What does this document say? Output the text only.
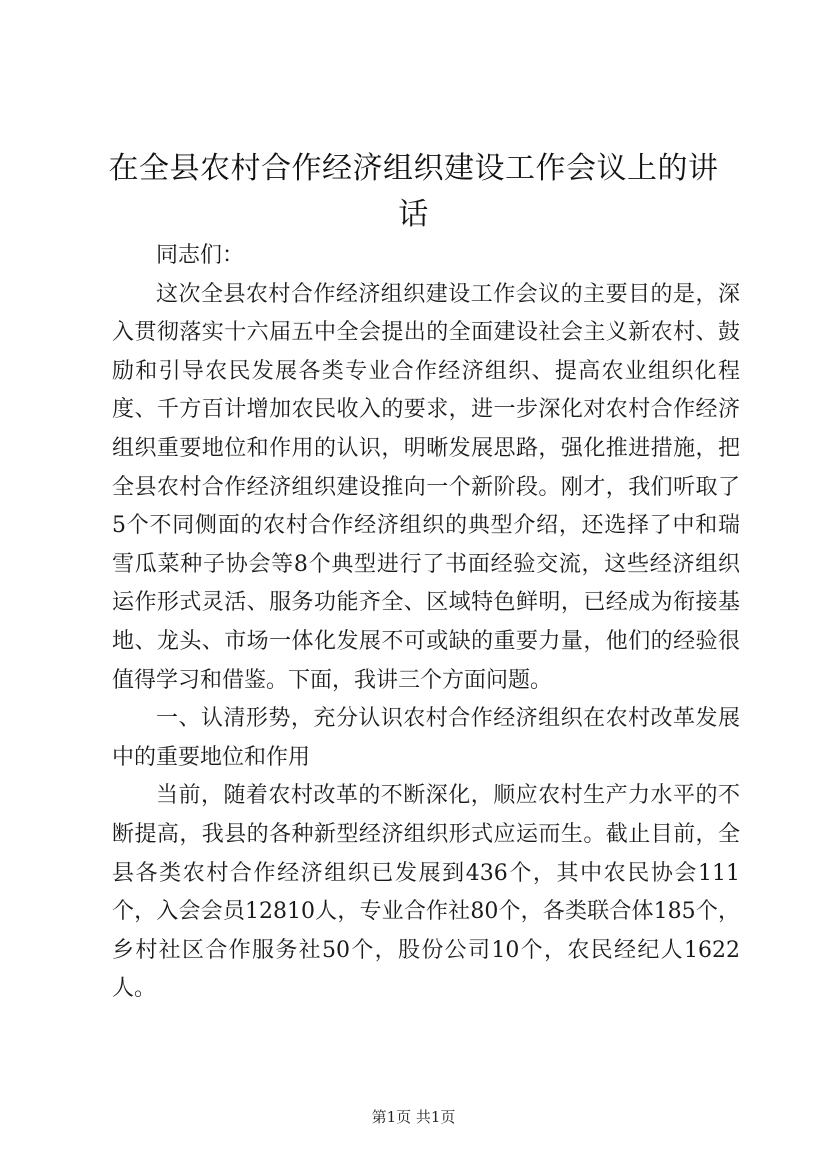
在全县农村合作经济组织建设工作会议上的讲话

同志们：

这次全县农村合作经济组织建设工作会议的主要目的是，深入贯彻落实十六届五中全会提出的全面建设社会主义新农村、鼓励和引导农民发展各类专业合作经济组织、提高农业组织化程度、千方百计增加农民收入的要求，进一步深化对农村合作经济组织重要地位和作用的认识，明晰发展思路，强化推进措施，把全县农村合作经济组织建设推向一个新阶段。刚才，我们听取了5个不同侧面的农村合作经济组织的典型介绍，还选择了中和瑞雪瓜菜种子协会等8个典型进行了书面经验交流，这些经济组织运作形式灵活、服务功能齐全、区域特色鲜明，已经成为衔接基地、龙头、市场一体化发展不可或缺的重要力量，他们的经验很值得学习和借鉴。下面，我讲三个方面问题。

一、认清形势，充分认识农村合作经济组织在农村改革发展中的重要地位和作用

当前，随着农村改革的不断深化，顺应农村生产力水平的不断提高，我县的各种新型经济组织形式应运而生。截止目前，全县各类农村合作经济组织已发展到436个，其中农民协会111个，入会会员12810人，专业合作社80个，各类联合体185个，乡村社区合作服务社50个，股份公司10个，农民经纪人1622人。

第1页 共1页
